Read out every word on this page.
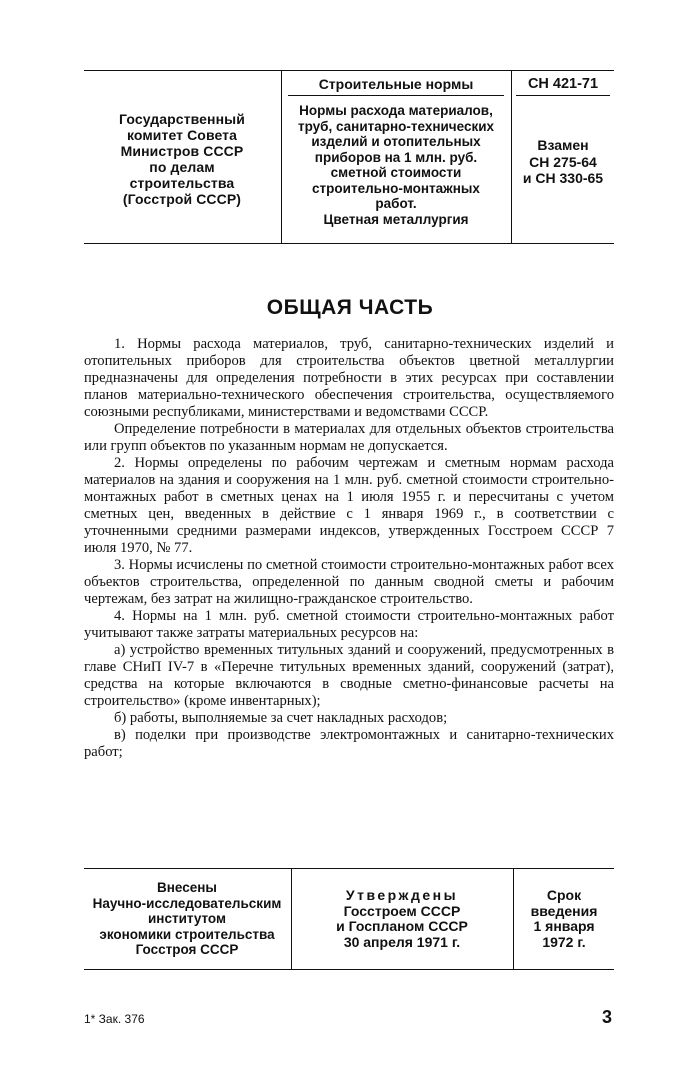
Государственный
комитет Совета
Министров СССР
по делам
строительства
(Госстрой СССР)
Строительные нормы
Нормы расхода материалов,
труб, санитарно-технических
изделий и отопительных
приборов на 1 млн. руб.
сметной стоимости
строительно-монтажных
работ.
Цветная металлургия
СН 421-71
Взамен
СН 275-64
и СН 330-65
ОБЩАЯ ЧАСТЬ

1. Нормы расхода материалов, труб, санитарно-технических изделий и отопительных приборов для строительства объектов цветной металлургии предназначены для определения потребности в этих ресурсах при составлении планов материально-технического обеспечения строительства, осуществляемого союзными республиками, министерствами и ведомствами СССР.

Определение потребности в материалах для отдельных объектов строительства или групп объектов по указанным нормам не допускается.

2. Нормы определены по рабочим чертежам и сметным нормам расхода материалов на здания и сооружения на 1 млн. руб. сметной стоимости строительно-монтажных работ в сметных ценах на 1 июля 1955 г. и пересчитаны с учетом сметных цен, введенных в действие с 1 января 1969 г., в соответствии с уточненными средними размерами индексов, утвержденных Госстроем СССР 7 июля 1970, № 77.

3. Нормы исчислены по сметной стоимости строительно-монтажных работ всех объектов строительства, определенной по данным сводной сметы и рабочим чертежам, без затрат на жилищно-гражданское строительство.

4. Нормы на 1 млн. руб. сметной стоимости строительно-монтажных работ учитывают также затраты материальных ресурсов на:

а) устройство временных титульных зданий и сооружений, предусмотренных в главе СНиП IV-7 в «Перечне титульных временных зданий, сооружений (затрат), средства на которые включаются в сводные сметно-финансовые расчеты на строительство» (кроме инвентарных);

б) работы, выполняемые за счет накладных расходов;

в) поделки при производстве электромонтажных и санитарно-технических работ;

Внесены
Научно-исследовательским
институтом
экономики строительства
Госстроя СССР
Утверждены
Госстроем СССР
и Госпланом СССР
30 апреля 1971 г.
Срок
введения
1 января
1972 г.
1* Зак. 376	3
